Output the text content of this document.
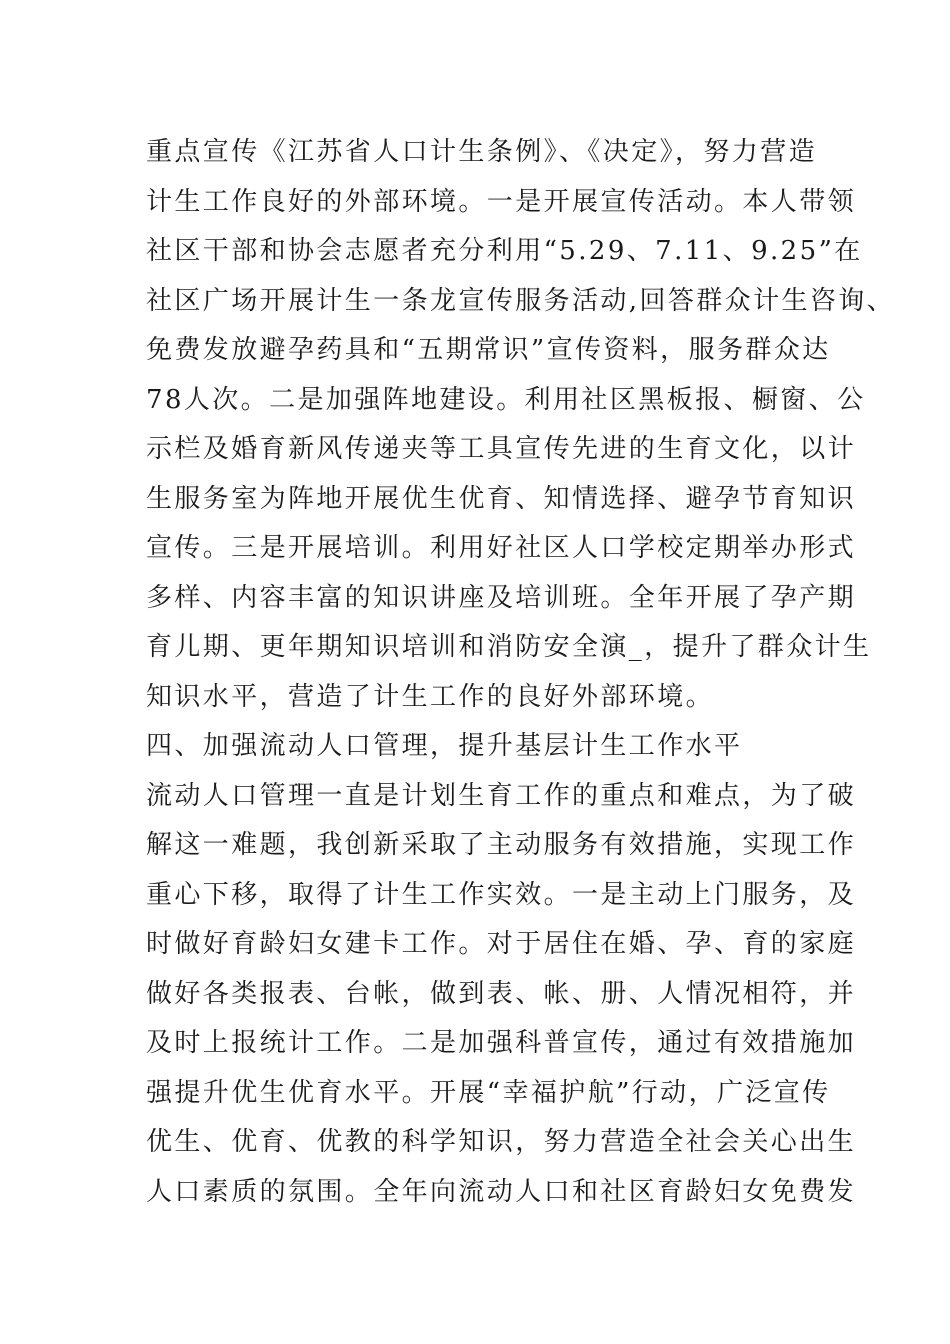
重点宣传《江苏省人口计生条例》、《决定》，努力营造
计生工作良好的外部环境。一是开展宣传活动。本人带领
社区干部和协会志愿者充分利用“5.29、7.11、9.25”在
社区广场开展计生一条龙宣传服务活动,回答群众计生咨询、
免费发放避孕药具和“五期常识”宣传资料，服务群众达
78人次。二是加强阵地建设。利用社区黑板报、橱窗、公
示栏及婚育新风传递夹等工具宣传先进的生育文化，以计
生服务室为阵地开展优生优育、知情选择、避孕节育知识
宣传。三是开展培训。利用好社区人口学校定期举办形式
多样、内容丰富的知识讲座及培训班。全年开展了孕产期
育儿期、更年期知识培训和消防安全演_，提升了群众计生
知识水平，营造了计生工作的良好外部环境。
四、加强流动人口管理，提升基层计生工作水平
流动人口管理一直是计划生育工作的重点和难点，为了破
解这一难题，我创新采取了主动服务有效措施，实现工作
重心下移，取得了计生工作实效。一是主动上门服务，及
时做好育龄妇女建卡工作。对于居住在婚、孕、育的家庭
做好各类报表、台帐，做到表、帐、册、人情况相符，并
及时上报统计工作。二是加强科普宣传，通过有效措施加
强提升优生优育水平。开展“幸福护航”行动，广泛宣传
优生、优育、优教的科学知识，努力营造全社会关心出生
人口素质的氛围。全年向流动人口和社区育龄妇女免费发
